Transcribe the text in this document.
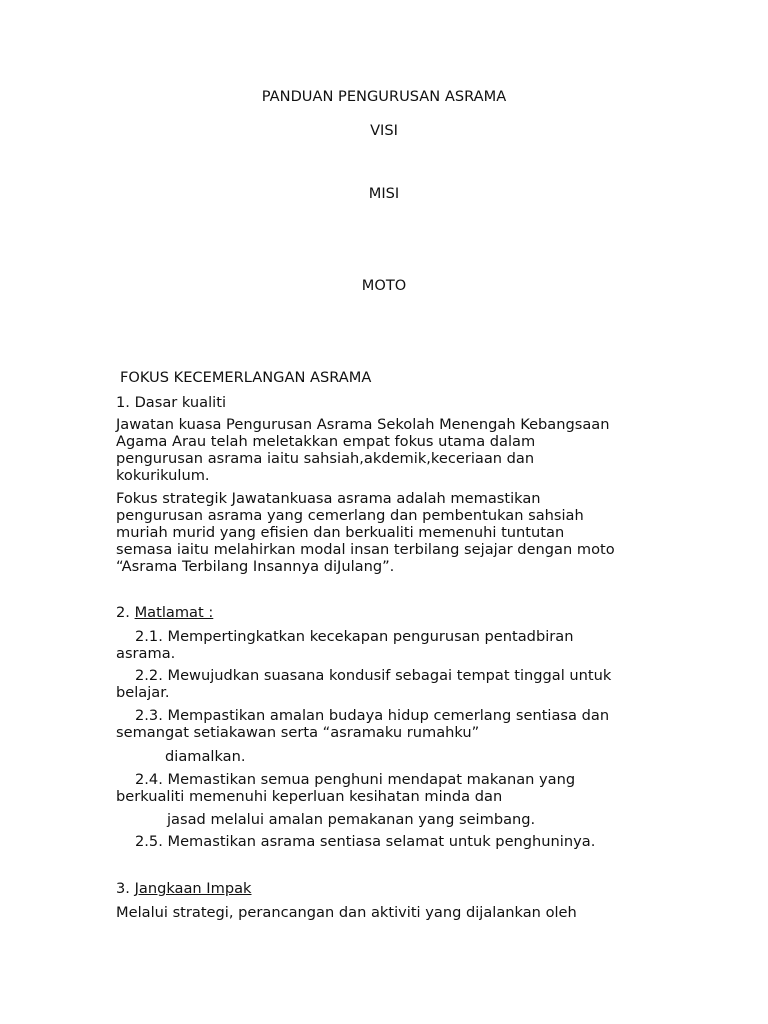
PANDUAN PENGURUSAN ASRAMA
VISI
MISI
MOTO
FOKUS KECEMERLANGAN ASRAMA
1. Dasar kualiti
Jawatan kuasa Pengurusan Asrama Sekolah Menengah Kebangsaan
Agama Arau telah meletakkan empat fokus utama dalam
pengurusan asrama iaitu sahsiah,akdemik,keceriaan dan
kokurikulum.
Fokus strategik Jawatankuasa asrama adalah memastikan
pengurusan asrama yang cemerlang dan pembentukan sahsiah
muriah murid yang efisien dan berkualiti memenuhi tuntutan
semasa iaitu melahirkan modal insan terbilang sejajar dengan moto
“Asrama Terbilang Insannya diJulang”.
2. Matlamat :
2.1. Mempertingkatkan kecekapan pengurusan pentadbiran
asrama.
2.2. Mewujudkan suasana kondusif sebagai tempat tinggal untuk
belajar.
2.3. Mempastikan amalan budaya hidup cemerlang sentiasa dan
semangat setiakawan serta “asramaku rumahku”
diamalkan.
2.4. Memastikan semua penghuni mendapat makanan yang
berkualiti memenuhi keperluan kesihatan minda dan
jasad melalui amalan pemakanan yang seimbang.
2.5. Memastikan asrama sentiasa selamat untuk penghuninya.
3. Jangkaan Impak
Melalui strategi, perancangan dan aktiviti yang dijalankan oleh
